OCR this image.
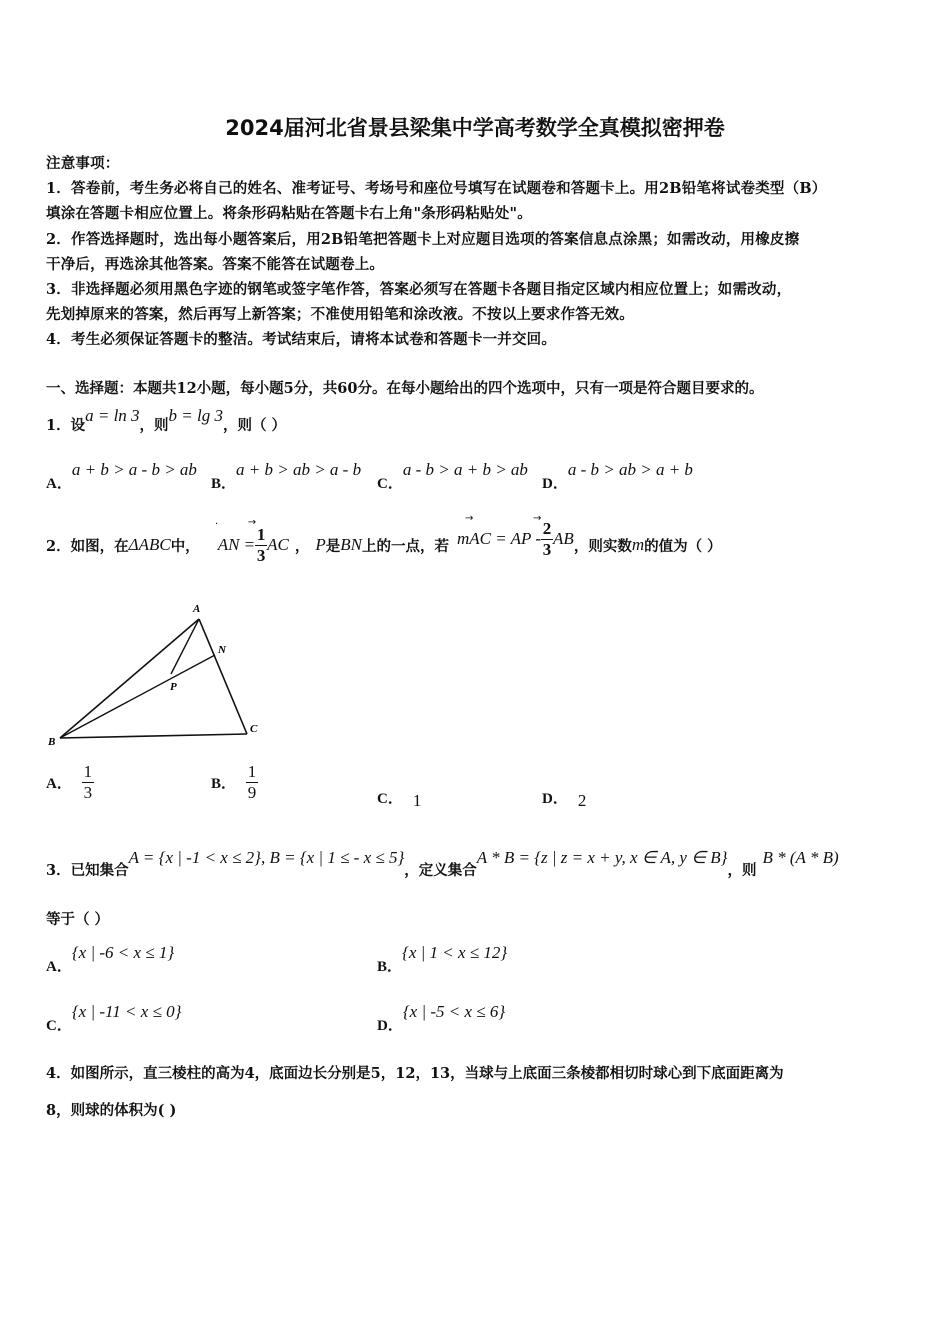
2024届河北省景县梁集中学高考数学全真模拟密押卷
注意事项：
1．答卷前，考生务必将自己的姓名、准考证号、考场号和座位号填写在试题卷和答题卡上。用2B铅笔将试卷类型（B）
填涂在答题卡相应位置上。将条形码粘贴在答题卡右上角"条形码粘贴处"。
2．作答选择题时，选出每小题答案后，用2B铅笔把答题卡上对应题目选项的答案信息点涂黑；如需改动，用橡皮擦
干净后，再选涂其他答案。答案不能答在试题卷上。
3．非选择题必须用黑色字迹的钢笔或签字笔作答，答案必须写在答题卡各题目指定区域内相应位置上；如需改动，
先划掉原来的答案，然后再写上新答案；不准使用铅笔和涂改液。不按以上要求作答无效。
4．考生必须保证答题卡的整洁。考试结束后，请将本试卷和答题卡一并交回。
一、选择题：本题共12小题，每小题5分，共60分。在每小题给出的四个选项中，只有一项是符合题目要求的。
1．设a = ln 3，则b = lg 3，则（ ）
A．a + b > a - b > ab
B．a + b > ab > a - b
C．a - b > a + b > ab
D．a - b > ab > a + b
2．如图，在 ΔABC 中，
·	→
AN = $\frac{1}{3}$ AC ， P 是 BN 上的一点，若
→	→
mAC = AP - $\frac{2}{3}$ AB ，则实数 m 的值为（ ）
A
N
P
B
C
A． $\frac{1}{3}$	B． $\frac{1}{9}$	C． 1	D． 2
3．已知集合A = {x | -1 < x ≤ 2}, B = {x | 1 ≤ - x ≤ 5}，定义集合A * B = {z | z = x + y, x ∈ A, y ∈ B}，则B * (A * B)
等于（ ）
A．{x | -6 < x ≤ 1}
B．{x | 1 < x ≤ 12}
C．{x | -11 < x ≤ 0}
D．{x | -5 < x ≤ 6}
4．如图所示，直三棱柱的高为4，底面边长分别是5，12，13，当球与上底面三条棱都相切时球心到下底面距离为
8，则球的体积为( )
